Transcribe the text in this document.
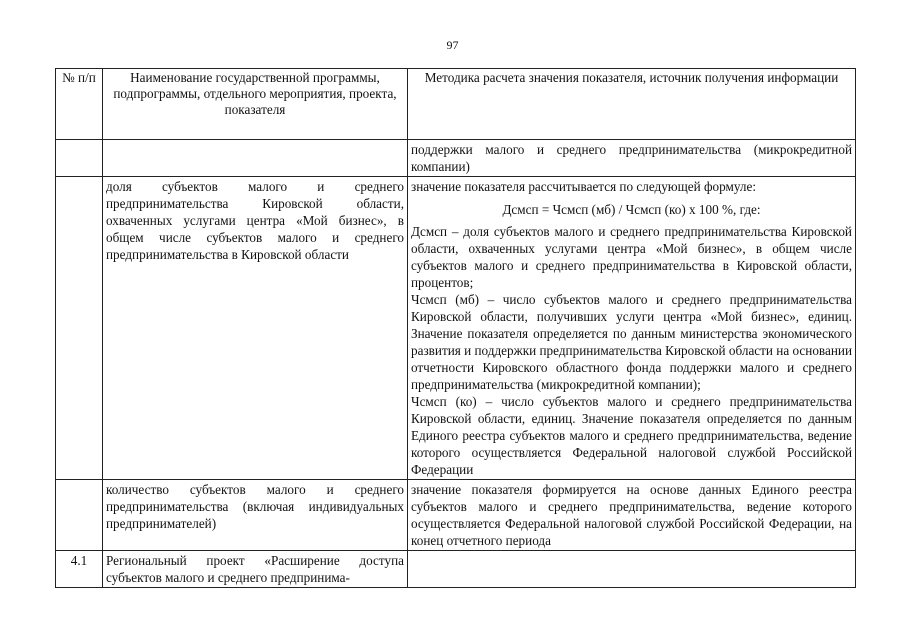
97
№ п/п	Наименование государственной программы, подпрограммы, отдельного мероприятия, проекта, показателя	Методика расчета значения показателя, источник получения информации
		поддержки малого и среднего предпринимательства (микрокредитной компании)
	доля субъектов малого и среднего предпринимательства Кировской области, охваченных услугами центра «Мой бизнес», в общем числе субъектов малого и среднего предпринимательства в Кировской области	значение показателя рассчитывается по следующей формуле:
Дсмсп = Чсмсп (мб) / Чсмсп (ко) x 100 %, где:
Дсмсп – доля субъектов малого и среднего предпринимательства Кировской области, охваченных услугами центра «Мой бизнес», в общем числе субъектов малого и среднего предпринимательства в Кировской области, процентов;
Чсмсп (мб) – число субъектов малого и среднего предпринимательства Кировской области, получивших услуги центра «Мой бизнес», единиц. Значение показателя определяется по данным министерства экономического развития и поддержки предпринимательства Кировской области на основании отчетности Кировского областного фонда поддержки малого и среднего предпринимательства (микрокредитной компании);
Чсмсп (ко) – число субъектов малого и среднего предпринимательства Кировской области, единиц. Значение показателя определяется по данным Единого реестра субъектов малого и среднего предпринимательства, ведение которого осуществляется Федеральной налоговой службой Российской Федерации

	количество субъектов малого и среднего предпринимательства (включая индивидуальных предпринимателей)	значение показателя формируется на основе данных Единого реестра субъектов малого и среднего предпринимательства, ведение которого осуществляется Федеральной налоговой службой Российской Федерации, на конец отчетного периода
4.1	Региональный проект «Расширение доступа субъектов малого и среднего предпринима-	
